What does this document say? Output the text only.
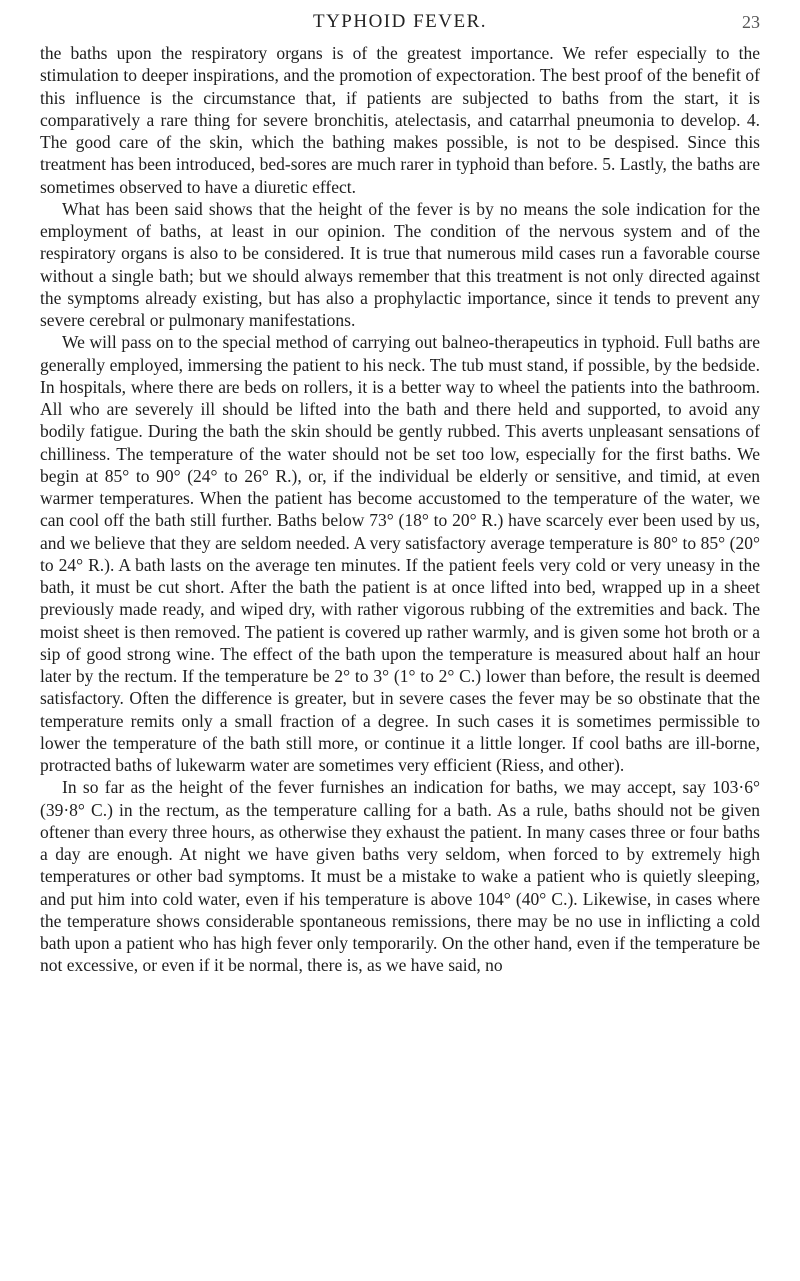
TYPHOID FEVER.	23

the baths upon the respiratory organs is of the greatest importance. We refer especially to the stimulation to deeper inspirations, and the promotion of expectoration. The best proof of the benefit of this influence is the circumstance that, if patients are subjected to baths from the start, it is comparatively a rare thing for severe bronchitis, atelectasis, and catarrhal pneumonia to develop. 4. The good care of the skin, which the bathing makes possible, is not to be despised. Since this treatment has been introduced, bed-sores are much rarer in typhoid than before. 5. Lastly, the baths are sometimes observed to have a diuretic effect.

What has been said shows that the height of the fever is by no means the sole indication for the employment of baths, at least in our opinion. The condition of the nervous system and of the respiratory organs is also to be considered. It is true that numerous mild cases run a favorable course without a single bath; but we should always remember that this treatment is not only directed against the symptoms already existing, but has also a prophylactic importance, since it tends to prevent any severe cerebral or pulmonary manifestations.

We will pass on to the special method of carrying out balneo-therapeutics in typhoid. Full baths are generally employed, immersing the patient to his neck. The tub must stand, if possible, by the bedside. In hospitals, where there are beds on rollers, it is a better way to wheel the patients into the bathroom. All who are severely ill should be lifted into the bath and there held and supported, to avoid any bodily fatigue. During the bath the skin should be gently rubbed. This averts unpleasant sensations of chilliness. The temperature of the water should not be set too low, especially for the first baths. We begin at 85° to 90° (24° to 26° R.), or, if the individual be elderly or sensitive, and timid, at even warmer temperatures. When the patient has become accustomed to the temperature of the water, we can cool off the bath still further. Baths below 73° (18° to 20° R.) have scarcely ever been used by us, and we believe that they are seldom needed. A very satisfactory average temperature is 80° to 85° (20° to 24° R.). A bath lasts on the average ten minutes. If the patient feels very cold or very uneasy in the bath, it must be cut short. After the bath the patient is at once lifted into bed, wrapped up in a sheet previously made ready, and wiped dry, with rather vigorous rubbing of the extremities and back. The moist sheet is then removed. The patient is covered up rather warmly, and is given some hot broth or a sip of good strong wine. The effect of the bath upon the temperature is measured about half an hour later by the rectum. If the temperature be 2° to 3° (1° to 2° C.) lower than before, the result is deemed satisfactory. Often the difference is greater, but in severe cases the fever may be so obstinate that the temperature remits only a small fraction of a degree. In such cases it is sometimes permissible to lower the temperature of the bath still more, or continue it a little longer. If cool baths are ill-borne, protracted baths of lukewarm water are sometimes very efficient (Riess, and other).

In so far as the height of the fever furnishes an indication for baths, we may accept, say 103·6° (39·8° C.) in the rectum, as the temperature calling for a bath. As a rule, baths should not be given oftener than every three hours, as otherwise they exhaust the patient. In many cases three or four baths a day are enough. At night we have given baths very seldom, when forced to by extremely high temperatures or other bad symptoms. It must be a mistake to wake a patient who is quietly sleeping, and put him into cold water, even if his temperature is above 104° (40° C.). Likewise, in cases where the temperature shows considerable spontaneous remissions, there may be no use in inflicting a cold bath upon a patient who has high fever only temporarily. On the other hand, even if the temperature be not excessive, or even if it be normal, there is, as we have said, no
